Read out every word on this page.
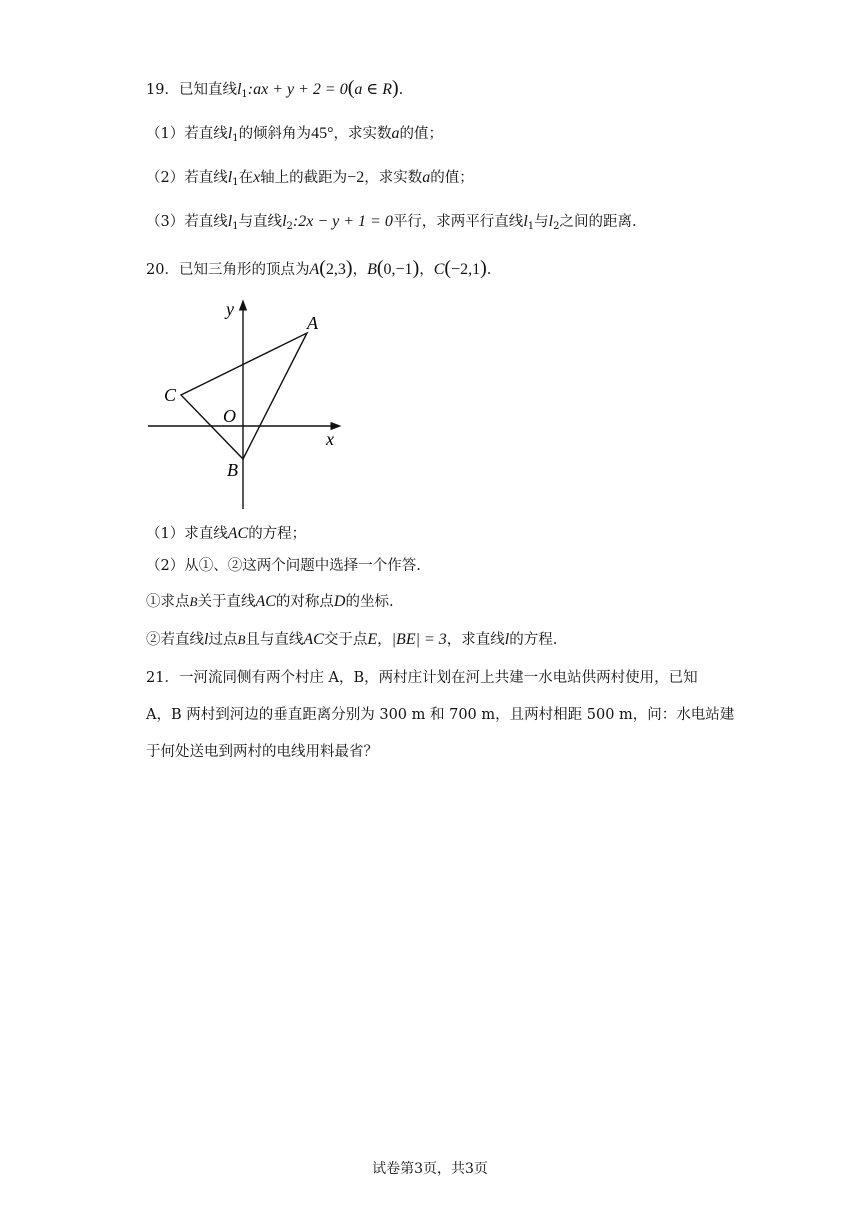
19．已知直线$l_1:ax + y + 2 = 0(a$ ∈ R).
（1）若直线$l_1$的倾斜角为45°，求实数a的值；
（2）若直线$l_1$在x轴上的截距为−2，求实数a的值；
（3）若直线$l_1$与直线$l_2:2x - y + 1 = 0$平行，求两平行直线$l_1$与$l_2$之间的距离.
20．已知三角形的顶点为A(2,3)，B(0,−1)，C(−2,1).
y
x
O
A
B
C
（1）求直线AC的方程；
（2）从①、②这两个问题中选择一个作答.
①求点B关于直线AC的对称点D的坐标.
②若直线l过点B且与直线AC交于点E，|BE| = 3，求直线l的方程.
21．一河流同侧有两个村庄 A，B，两村庄计划在河上共建一水电站供两村使用，已知
A，B 两村到河边的垂直距离分别为 300 m 和 700 m，且两村相距 500 m，问：水电站建
于何处送电到两村的电线用料最省？
试卷第3页，共3页
